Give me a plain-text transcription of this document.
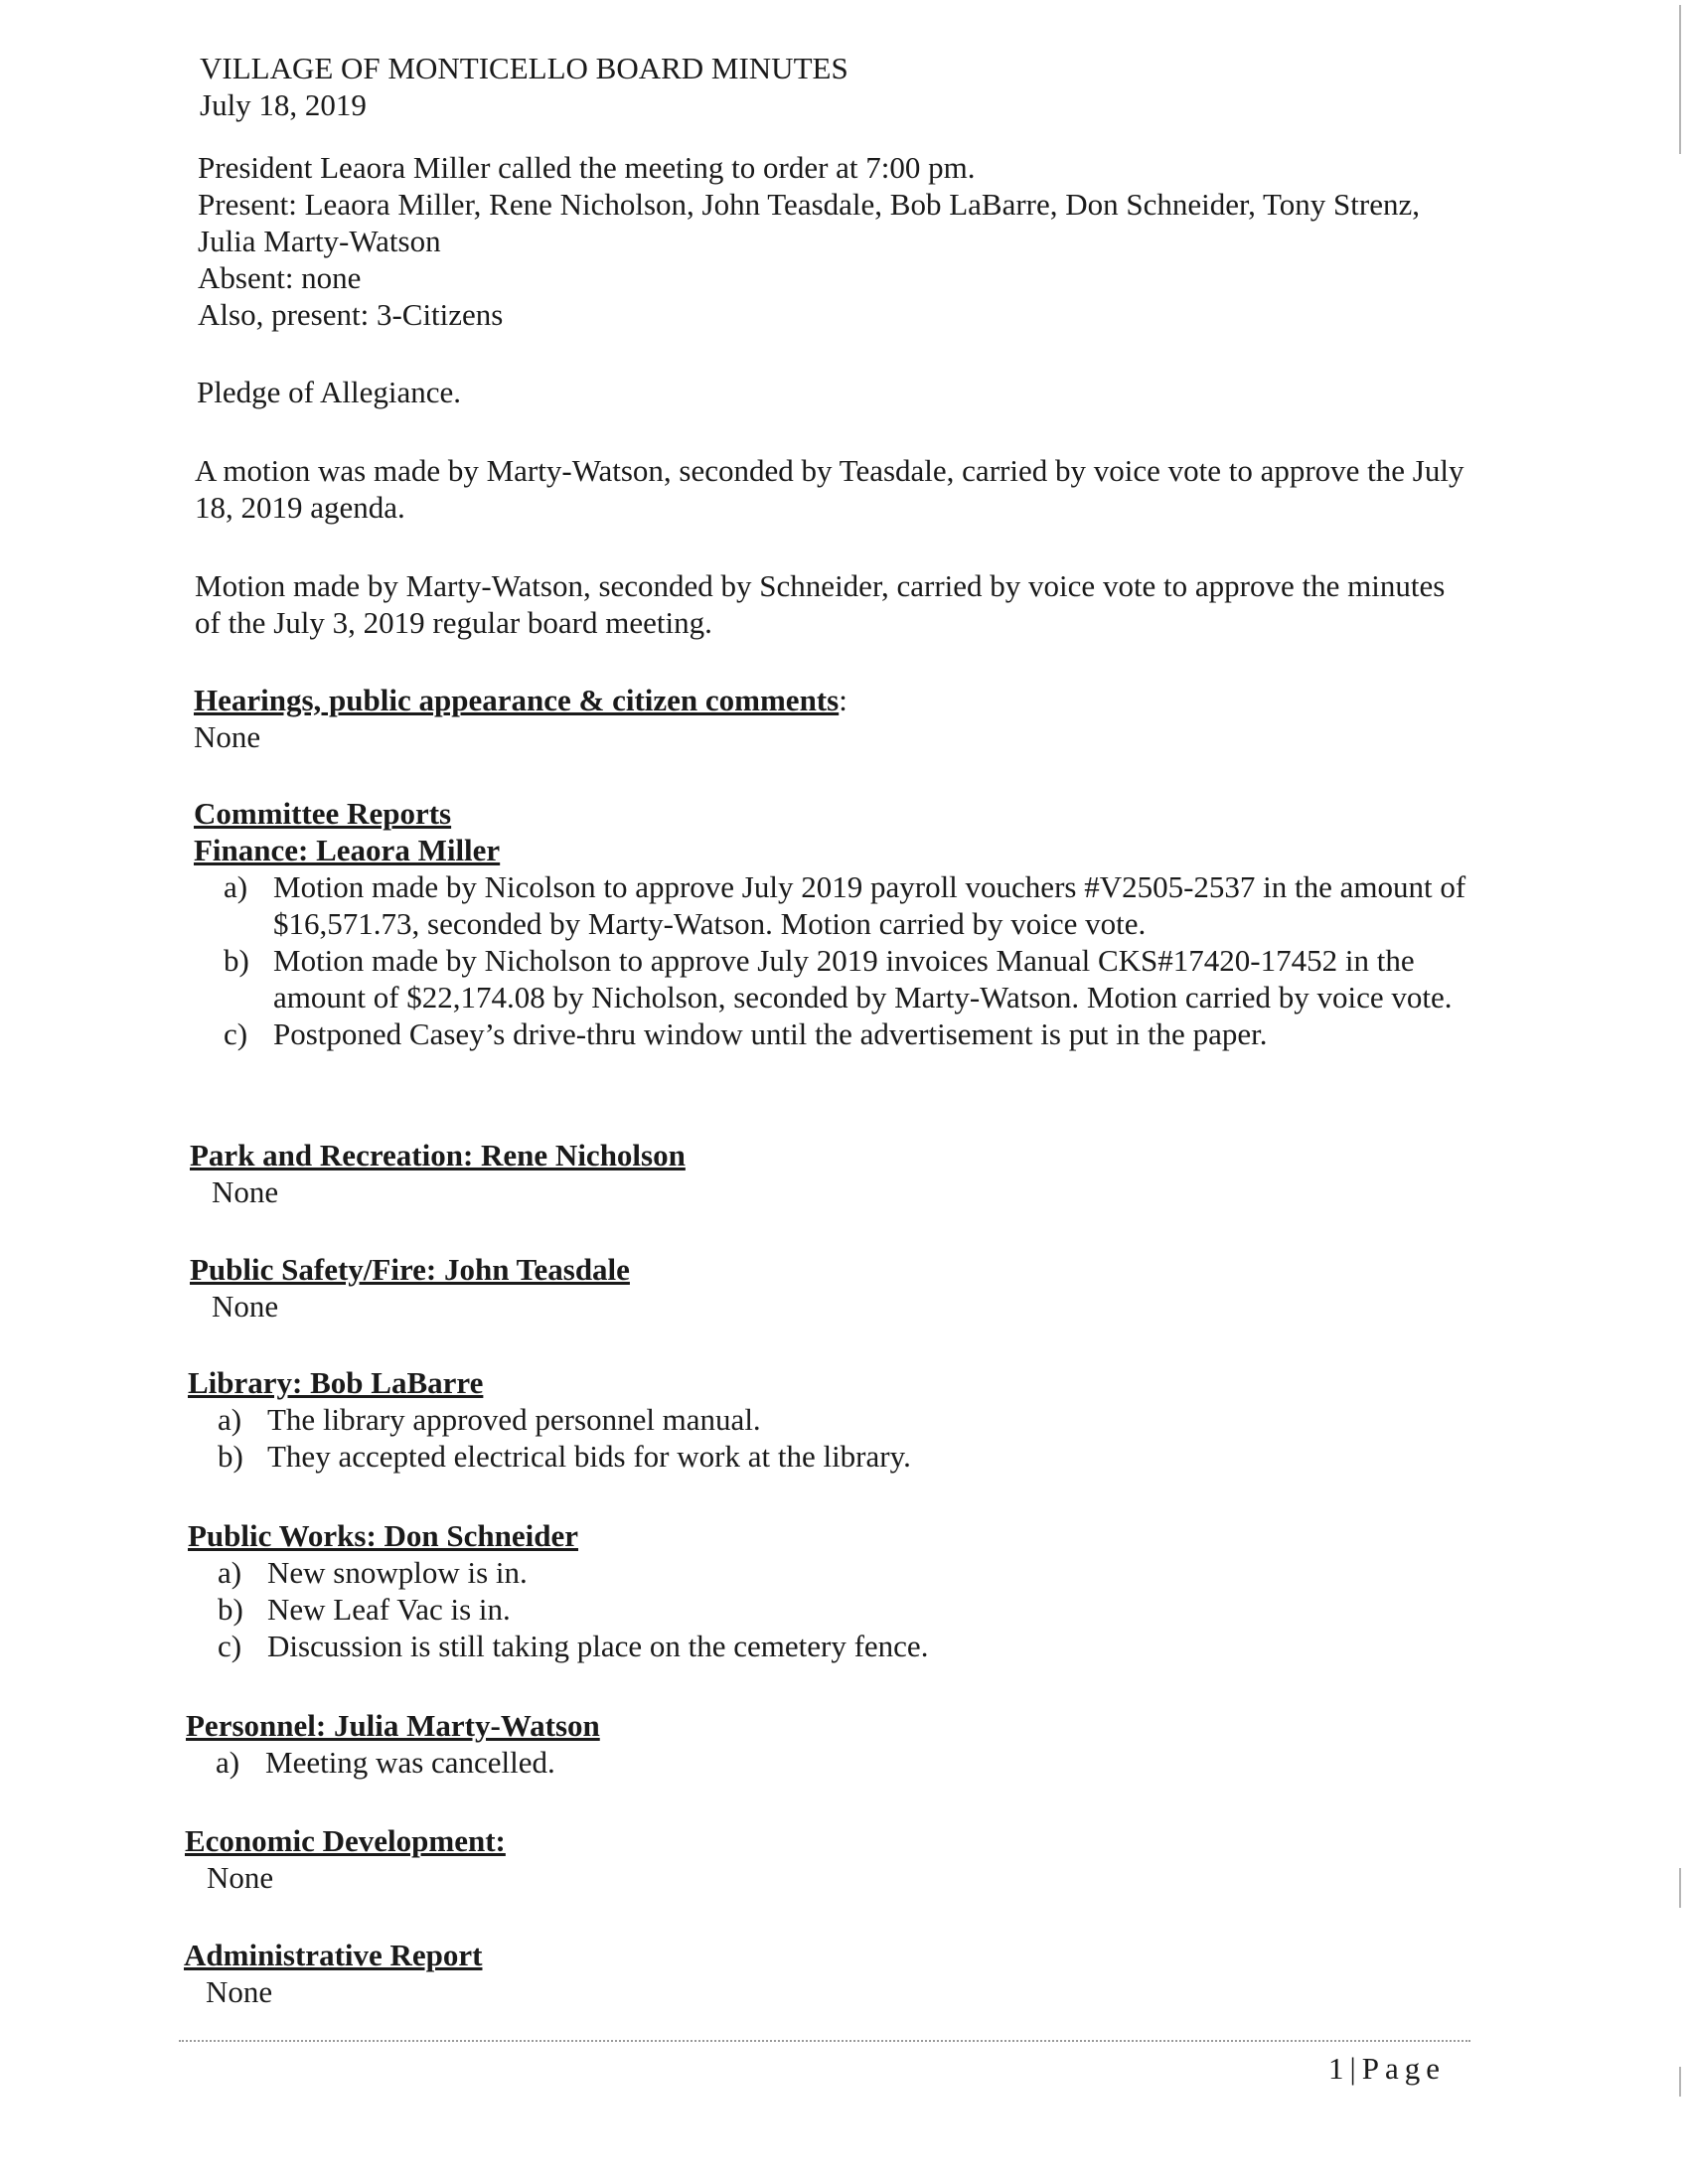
VILLAGE OF MONTICELLO BOARD MINUTES

July 18, 2019

President Leaora Miller called the meeting to order at 7:00 pm.

Present: Leaora Miller, Rene Nicholson, John Teasdale, Bob LaBarre, Don Schneider, Tony Strenz, Julia Marty-Watson

Absent: none

Also, present: 3-Citizens

Pledge of Allegiance.
A motion was made by Marty-Watson, seconded by Teasdale, carried by voice vote to approve the July 18, 2019 agenda.
Motion made by Marty-Watson, seconded by Schneider, carried by voice vote to approve the minutes of the July 3, 2019 regular board meeting.

Hearings, public appearance & citizen comments:

None

Committee Reports

Finance: Leaora Miller

a) Motion made by Nicolson to approve July 2019 payroll vouchers #V2505-2537 in the amount of $16,571.73, seconded by Marty-Watson. Motion carried by voice vote.
b) Motion made by Nicholson to approve July 2019 invoices Manual CKS#17420-17452 in the amount of $22,174.08 by Nicholson, seconded by Marty-Watson. Motion carried by voice vote.
c) Postponed Casey’s drive-thru window until the advertisement is put in the paper.

Park and Recreation: Rene Nicholson

None

Public Safety/Fire: John Teasdale

None

Library: Bob LaBarre

a) The library approved personnel manual.
b) They accepted electrical bids for work at the library.

Public Works: Don Schneider

a) New snowplow is in.
b) New Leaf Vac is in.
c) Discussion is still taking place on the cemetery fence.

Personnel: Julia Marty-Watson

a) Meeting was cancelled.

Economic Development:

None

Administrative Report

None

1|Page
